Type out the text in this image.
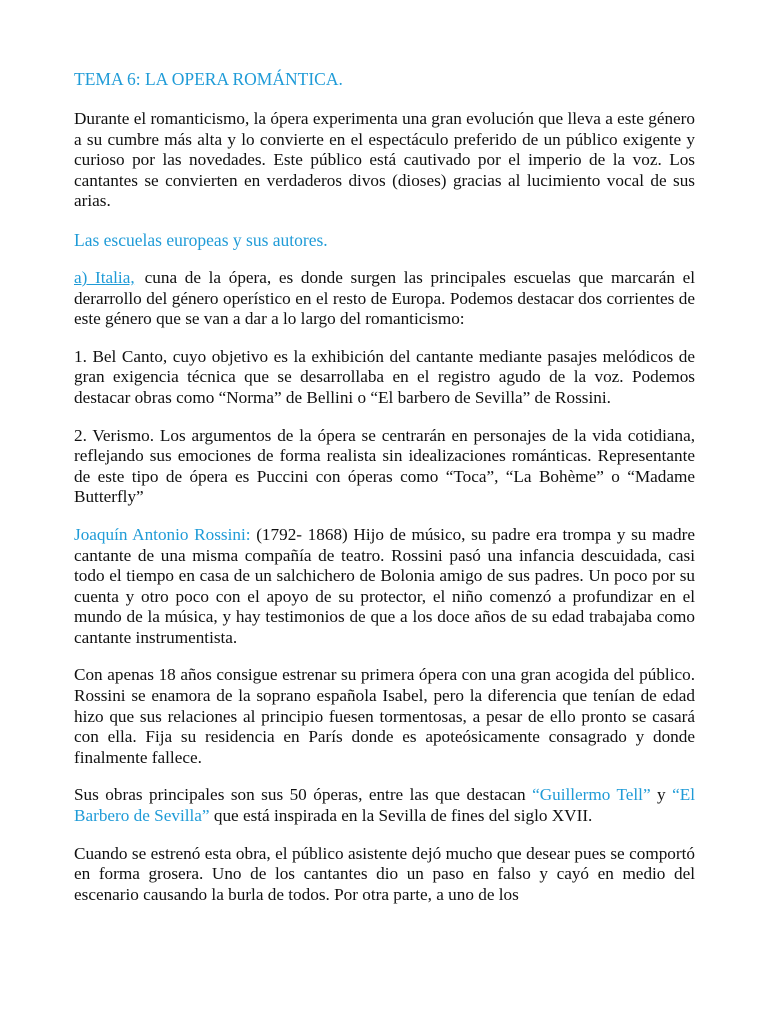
TEMA 6: LA OPERA ROMÁNTICA.

Durante el romanticismo, la ópera experimenta una gran evolución que lleva a este género a su cumbre más alta y lo convierte en el espectáculo preferido de un público exigente y curioso por las novedades. Este público está cautivado por el imperio de la voz. Los cantantes se convierten en verdaderos divos (dioses) gracias al lucimiento vocal de sus arias.

Las escuelas europeas y sus autores.

a) Italia, cuna de la ópera, es donde surgen las principales escuelas que marcarán el derarrollo del género operístico en el resto de Europa. Podemos destacar dos corrientes de este género que se van a dar a lo largo del romanticismo:

1. Bel Canto, cuyo objetivo es la exhibición del cantante mediante pasajes melódicos de gran exigencia técnica que se desarrollaba en el registro agudo de la voz. Podemos destacar obras como “Norma” de Bellini o “El barbero de Sevilla” de Rossini.

2. Verismo. Los argumentos de la ópera se centrarán en personajes de la vida cotidiana, reflejando sus emociones de forma realista sin idealizaciones románticas. Representante de este tipo de ópera es Puccini con óperas como “Toca”, “La Bohème” o “Madame Butterfly”

Joaquín Antonio Rossini: (1792- 1868) Hijo de músico, su padre era trompa y su madre cantante de una misma compañía de teatro. Rossini pasó una infancia descuidada, casi todo el tiempo en casa de un salchichero de Bolonia amigo de sus padres. Un poco por su cuenta y otro poco con el apoyo de su protector, el niño comenzó a profundizar en el mundo de la música, y hay testimonios de que a los doce años de su edad trabajaba como cantante instrumentista.

Con apenas 18 años consigue estrenar su primera ópera con una gran acogida del público. Rossini se enamora de la soprano española Isabel, pero la diferencia que tenían de edad hizo que sus relaciones al principio fuesen tormentosas, a pesar de ello pronto se casará con ella. Fija su residencia en París donde es apoteósicamente consagrado y donde finalmente fallece.

Sus obras principales son sus 50 óperas, entre las que destacan “Guillermo Tell” y “El Barbero de Sevilla” que está inspirada en la Sevilla de fines del siglo XVII.

Cuando se estrenó esta obra, el público asistente dejó mucho que desear pues se comportó en forma grosera. Uno de los cantantes dio un paso en falso y cayó en medio del escenario causando la burla de todos. Por otra parte, a uno de los
